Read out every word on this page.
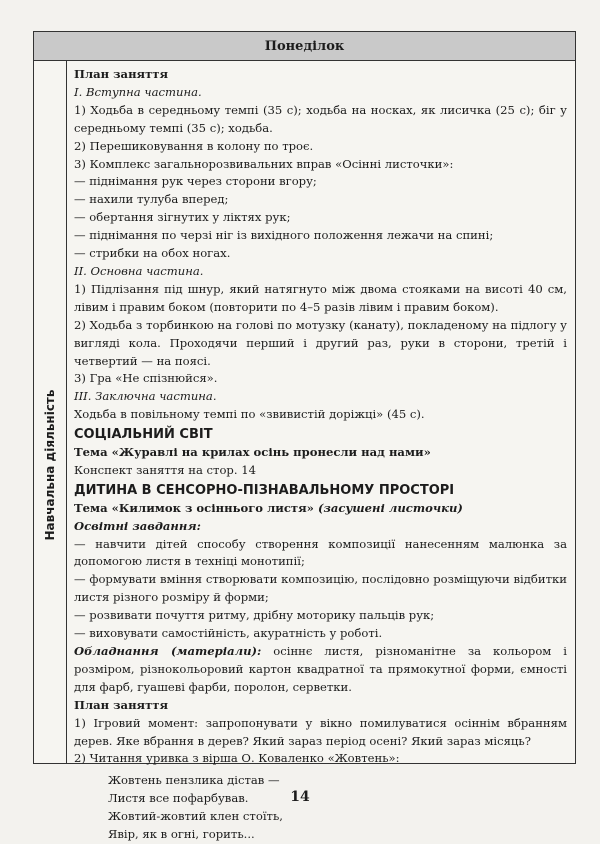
Понеділок
Навчальна діяльність

План заняття

I. Вступна частина.

1) Ходьба в середньому темпі (35 с); ходьба на носках, як лисичка (25 с); біг у середньому темпі (35 с); ходьба.

2) Перешиковування в колону по троє.

3) Комплекс загальнорозвивальних вправ «Осінні листочки»:

— піднімання рук через сторони вгору;

— нахили тулуба вперед;

— обертання зігнутих у ліктях рук;

— піднімання по черзі ніг із вихідного положення лежачи на спині;

— стрибки на обох ногах.

II. Основна частина.

1) Підлізання під шнур, який натягнуто між двома стояками на висоті 40 см, лівим і правим боком (повторити по 4–5 разів лівим і правим боком).

2) Ходьба з торбинкою на голові по мотузку (канату), покладеному на підлогу у вигляді кола. Проходячи перший і другий раз, руки в сторони, третій і четвертий — на поясі.

3) Гра «Не спізнюйся».

III. Заключна частина.

Ходьба в повільному темпі по «звивистій доріжці» (45 с).

СОЦІАЛЬНИЙ СВІТ

Тема «Журавлі на крилах осінь пронесли над нами»

Конспект заняття на стор. 14

ДИТИНА В СЕНСОРНО-ПІЗНАВАЛЬНОМУ ПРОСТОРІ

Тема «Килимок з осіннього листя» (засушені листочки)

Освітні завдання:

— навчити дітей способу створення композиції нанесенням малюнка за допомогою листя в техніці монотипії;

— формувати вміння створювати композицію, послідовно розміщуючи відбитки листя різного розміру й форми;

— розвивати почуття ритму, дрібну моторику пальців рук;

— виховувати самостійність, акуратність у роботі.

Обладнання (матеріали): осіннє листя, різноманітне за кольором і розміром, різнокольоровий картон квадратної та прямокутної форми, ємності для фарб, гуашеві фарби, поролон, серветки.

План заняття

1) Ігровий момент: запропонувати у вікно помилуватися осіннім вбранням дерев. Яке вбрання в дерев? Який зараз період осені? Який зараз місяць?

2) Читання уривка з вірша О. Коваленко «Жовтень»:

Жовтень пензлика дістав —

Листя все пофарбував.

Жовтий-жовтий клен стоїть,

Явір, як в огні, горить...

14
